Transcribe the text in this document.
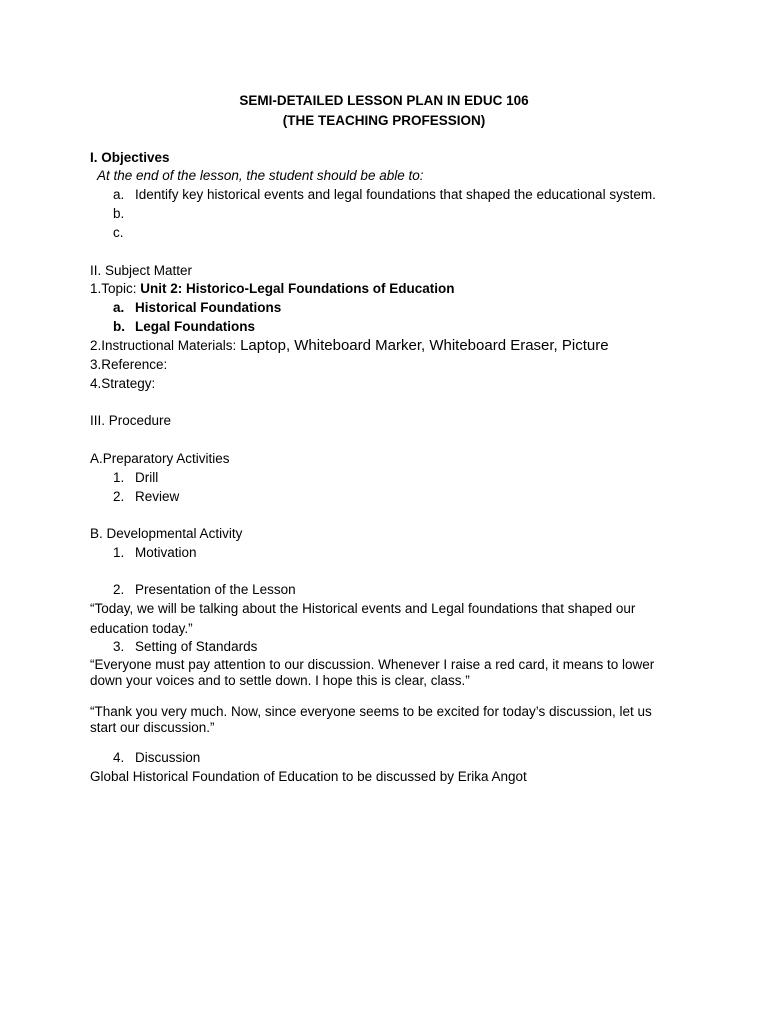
SEMI-DETAILED LESSON PLAN IN EDUC 106
(THE TEACHING PROFESSION)
I. Objectives
At the end of the lesson, the student should be able to:
a. Identify key historical events and legal foundations that shaped the educational system.
b.
c.
II. Subject Matter
1.Topic: Unit 2: Historico-Legal Foundations of Education
a. Historical Foundations
b. Legal Foundations
2.Instructional Materials: Laptop, Whiteboard Marker, Whiteboard Eraser, Picture
3.Reference:
4.Strategy:
III. Procedure
A.Preparatory Activities
1. Drill
2. Review
B. Developmental Activity
1. Motivation
2. Presentation of the Lesson
“Today, we will be talking about the Historical events and Legal foundations that shaped our
education today.”
3. Setting of Standards
“Everyone must pay attention to our discussion. Whenever I raise a red card, it means to lower
down your voices and to settle down. I hope this is clear, class.”
“Thank you very much. Now, since everyone seems to be excited for today’s discussion, let us
start our discussion.”
4. Discussion
Global Historical Foundation of Education to be discussed by Erika Angot
